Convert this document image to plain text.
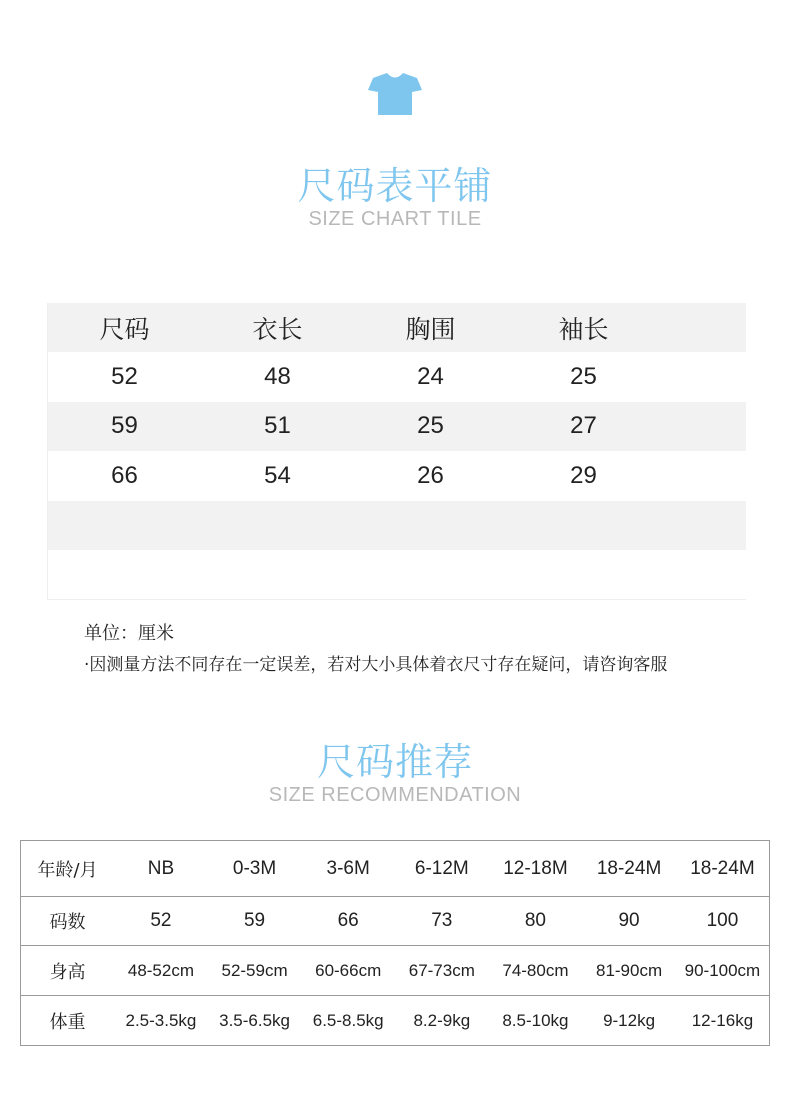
尺码表平铺
SIZE CHART TILE
尺码	衣长	胸围	袖长
52	48	24	25
59	51	25	27
66	54	26	29
单位：厘米
·因测量方法不同存在一定误差，若对大小具体着衣尺寸存在疑问，请咨询客服
尺码推荐
SIZE RECOMMENDATION
年龄/月	NB	0-3M	3-6M	6-12M	12-18M	18-24M	18-24M
码数	52	59	66	73	80	90	100
身高	48-52cm	52-59cm	60-66cm	67-73cm	74-80cm	81-90cm	90-100cm
体重	2.5-3.5kg	3.5-6.5kg	6.5-8.5kg	8.2-9kg	8.5-10kg	9-12kg	12-16kg
